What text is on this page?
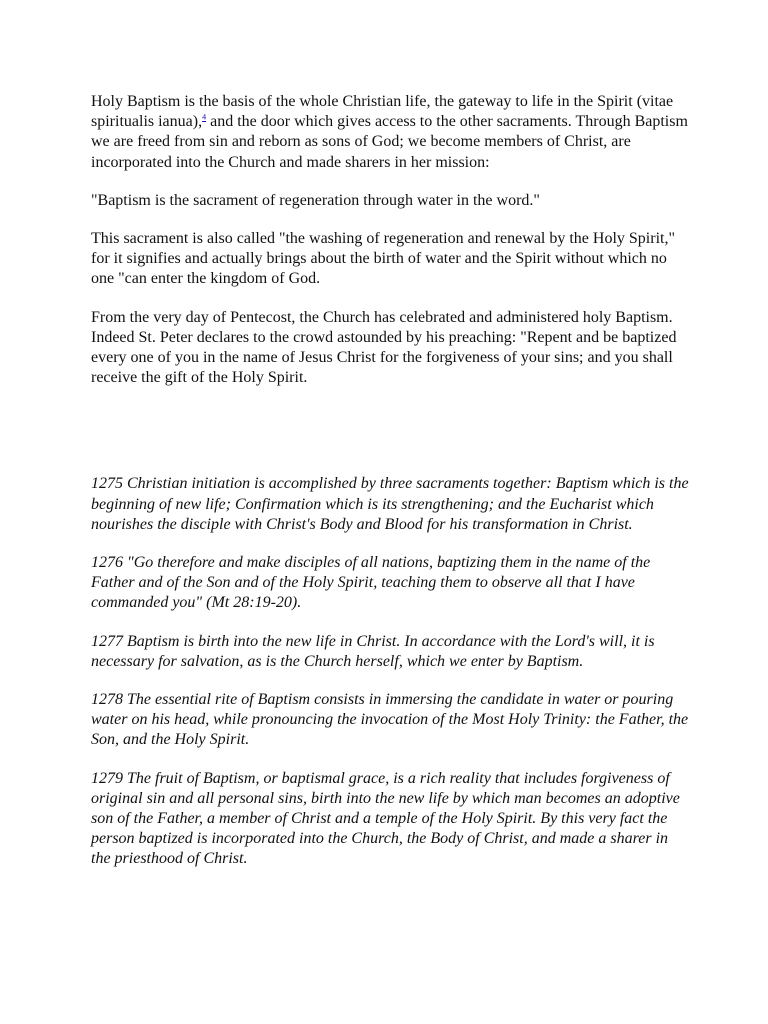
Holy Baptism is the basis of the whole Christian life, the gateway to life in the Spirit (vitae spiritualis ianua),$^4$ and the door which gives access to the other sacraments. Through Baptism we are freed from sin and reborn as sons of God; we become members of Christ, are incorporated into the Church and made sharers in her mission:

"Baptism is the sacrament of regeneration through water in the word."

This sacrament is also called "the washing of regeneration and renewal by the Holy Spirit," for it signifies and actually brings about the birth of water and the Spirit without which no one "can enter the kingdom of God.

From the very day of Pentecost, the Church has celebrated and administered holy Baptism. Indeed St. Peter declares to the crowd astounded by his preaching: "Repent and be baptized every one of you in the name of Jesus Christ for the forgiveness of your sins; and you shall receive the gift of the Holy Spirit.

1275 Christian initiation is accomplished by three sacraments together: Baptism which is the beginning of new life; Confirmation which is its strengthening; and the Eucharist which nourishes the disciple with Christ's Body and Blood for his transformation in Christ.

1276 "Go therefore and make disciples of all nations, baptizing them in the name of the Father and of the Son and of the Holy Spirit, teaching them to observe all that I have commanded you" (Mt 28:19-20).

1277 Baptism is birth into the new life in Christ. In accordance with the Lord's will, it is necessary for salvation, as is the Church herself, which we enter by Baptism.

1278 The essential rite of Baptism consists in immersing the candidate in water or pouring water on his head, while pronouncing the invocation of the Most Holy Trinity: the Father, the Son, and the Holy Spirit.

1279 The fruit of Baptism, or baptismal grace, is a rich reality that includes forgiveness of original sin and all personal sins, birth into the new life by which man becomes an adoptive son of the Father, a member of Christ and a temple of the Holy Spirit. By this very fact the person baptized is incorporated into the Church, the Body of Christ, and made a sharer in the priesthood of Christ.
